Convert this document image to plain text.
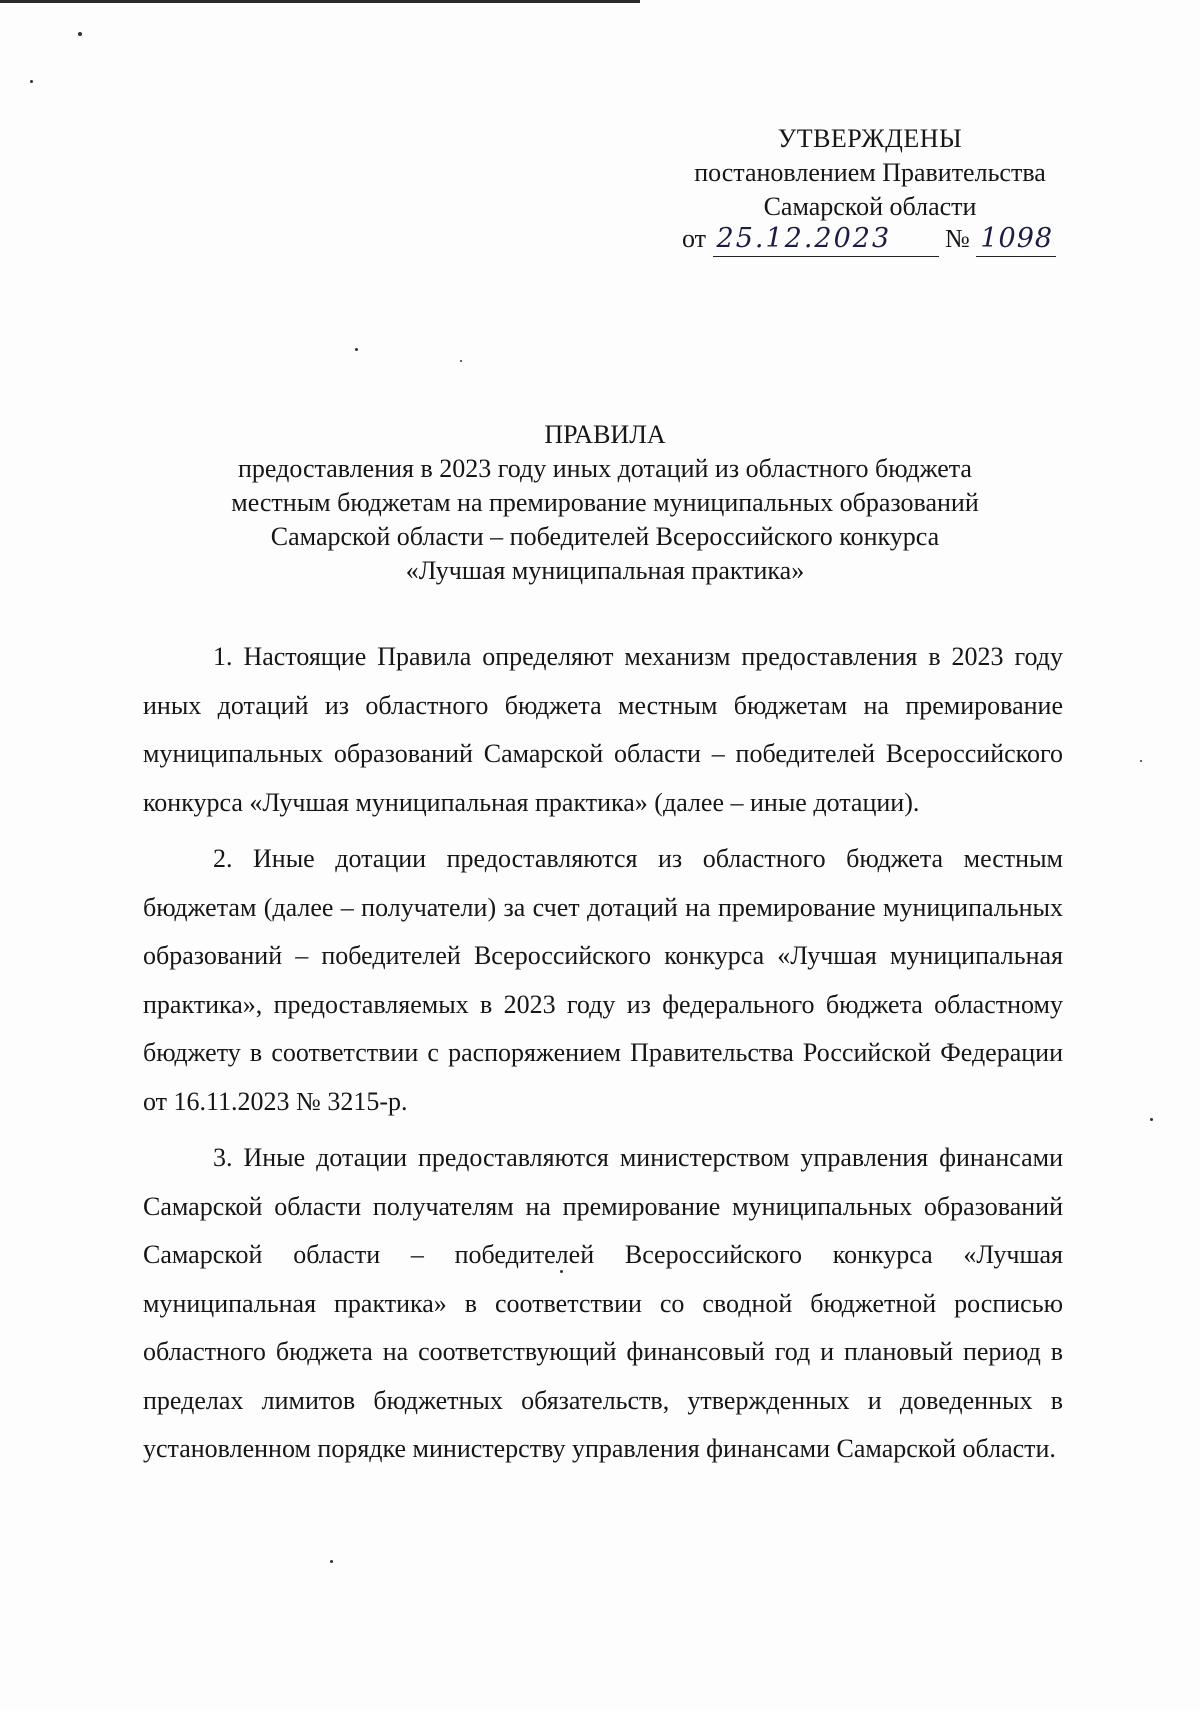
УТВЕРЖДЕНЫ
постановлением Правительства
Самарской области
от 25.12.2023 № 1098
ПРАВИЛА
предоставления в 2023 году иных дотаций из областного бюджета
местным бюджетам на премирование муниципальных образований
Самарской области – победителей Всероссийского конкурса
«Лучшая муниципальная практика»

1. Настоящие Правила определяют механизм предоставления в 2023 году иных дотаций из областного бюджета местным бюджетам на премирование муниципальных образований Самарской области – победителей Всероссийского конкурса «Лучшая муниципальная практика» (далее – иные дотации).

2. Иные дотации предоставляются из областного бюджета местным бюджетам (далее – получатели) за счет дотаций на премирование муниципальных образований – победителей Всероссийского конкурса «Лучшая муниципальная практика», предоставляемых в 2023 году из федерального бюджета областному бюджету в соответствии с распоряжением Правительства Российской Федерации от 16.11.2023 № 3215-р.

3. Иные дотации предоставляются министерством управления финансами Самарской области получателям на премирование муниципальных образований Самарской области – победителей Всероссийского конкурса «Лучшая муниципальная практика» в соответствии со сводной бюджетной росписью областного бюджета на соответствующий финансовый год и плановый период в пределах лимитов бюджетных обязательств, утвержденных и доведенных в установленном порядке министерству управления финансами Самарской области.
